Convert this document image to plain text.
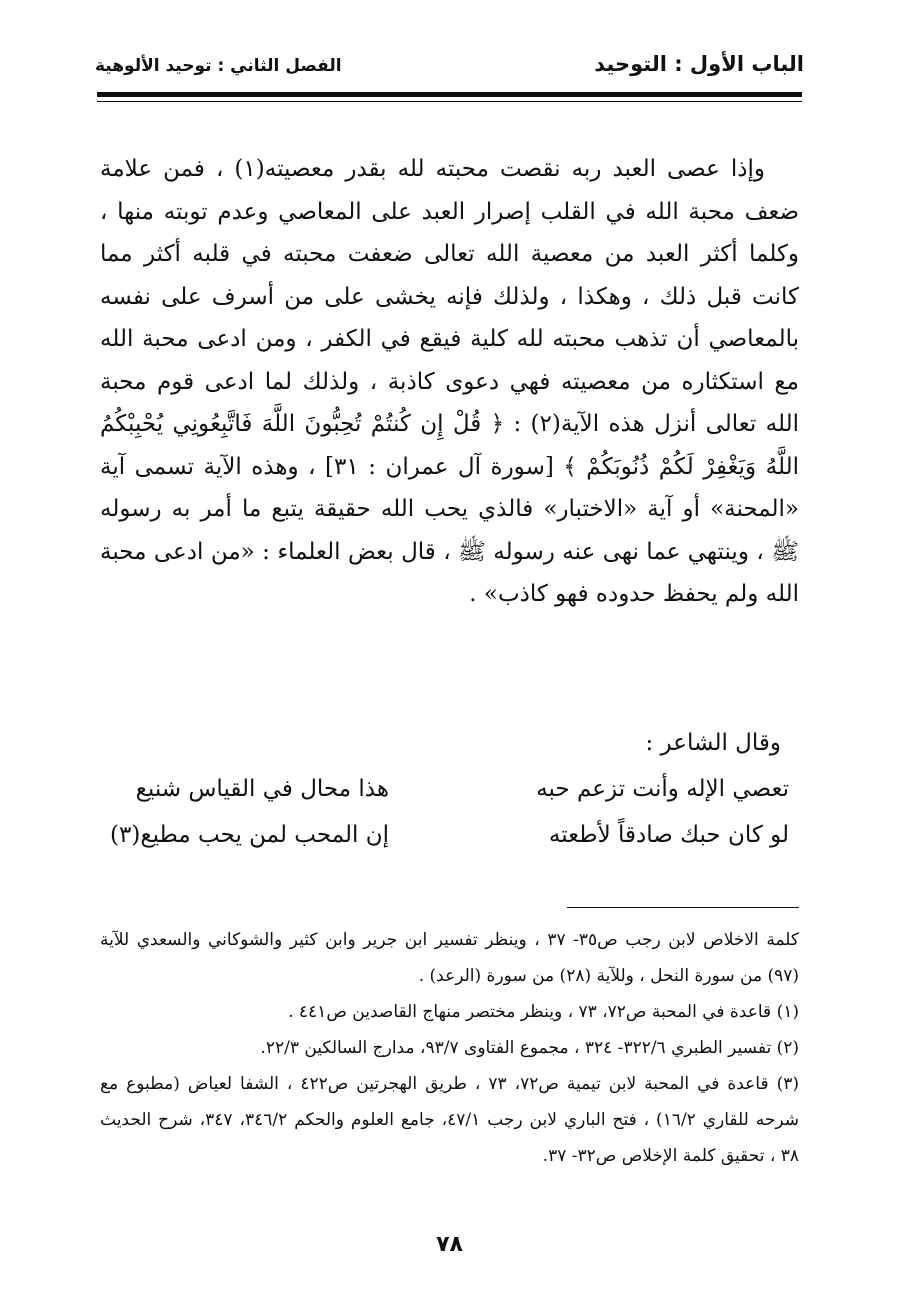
الباب الأول : التوحيد
الفصل الثاني : توحيد الألوهية

وإذا عصى العبد ربه نقصت محبته لله بقدر معصيته(١) ، فمن علامة ضعف محبة الله في القلب إصرار العبد على المعاصي وعدم توبته منها ، وكلما أكثر العبد من معصية الله تعالى ضعفت محبته في قلبه أكثر مما كانت قبل ذلك ، وهكذا ، ولذلك فإنه يخشى على من أسرف على نفسه بالمعاصي أن تذهب محبته لله كلية فيقع في الكفر ، ومن ادعى محبة الله مع استكثاره من معصيته فهي دعوى كاذبة ، ولذلك لما ادعى قوم محبة الله تعالى أنزل هذه الآية(٢) : ﴿ قُلْ إِن كُنتُمْ تُحِبُّونَ اللَّهَ فَاتَّبِعُونِي يُحْبِبْكُمُ اللَّهُ وَيَغْفِرْ لَكُمْ ذُنُوبَكُمْ ﴾ [سورة آل عمران : ٣١] ، وهذه الآية تسمى آية «المحنة» أو آية «الاختبار» فالذي يحب الله حقيقة يتبع ما أمر به رسوله ﷺ ، وينتهي عما نهى عنه رسوله ﷺ ، قال بعض العلماء : «من ادعى محبة الله ولم يحفظ حدوده فهو كاذب» .

وقال الشاعر :
تعصي الإله وأنت تزعم حبه
هذا محال في القياس شنيع
لو كان حبك صادقاً لأطعته
إن المحب لمن يحب مطيع(٣)

كلمة الاخلاص لابن رجب ص٣٥- ٣٧ ، وينظر تفسير ابن جرير وابن كثير والشوكاني والسعدي للآية (٩٧) من سورة النحل ، وللآية (٢٨) من سورة (الرعد) .

(١) قاعدة في المحبة ص٧٢، ٧٣ ، وينظر مختصر منهاج القاصدين ص٤٤١ .

(٢) تفسير الطبري ٣٢٢/٦- ٣٢٤ ، مجموع الفتاوى ٩٣/٧، مدارج السالكين ٢٢/٣.

(٣) قاعدة في المحبة لابن تيمية ص٧٢، ٧٣ ، طريق الهجرتين ص٤٢٢ ، الشفا لعياض (مطبوع مع شرحه للقاري ١٦/٢) ، فتح الباري لابن رجب ٤٧/١، جامع العلوم والحكم ٣٤٦/٢، ٣٤٧، شرح الحديث ٣٨ ، تحقيق كلمة الإخلاص ص٣٢- ٣٧.

٧٨
